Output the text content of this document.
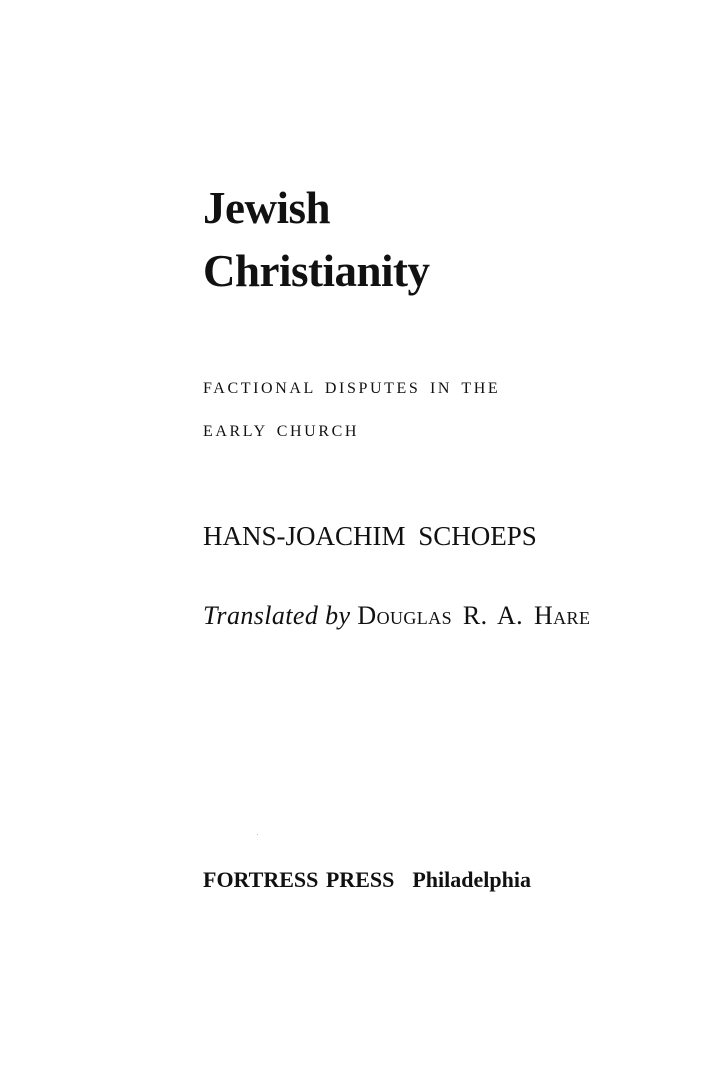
Jewish
Christianity
FACTIONAL DISPUTES IN THE
EARLY CHURCH
HANS-JOACHIM SCHOEPS
Translated by Douglas R. A. Hare
FORTRESS PRESS Philadelphia
